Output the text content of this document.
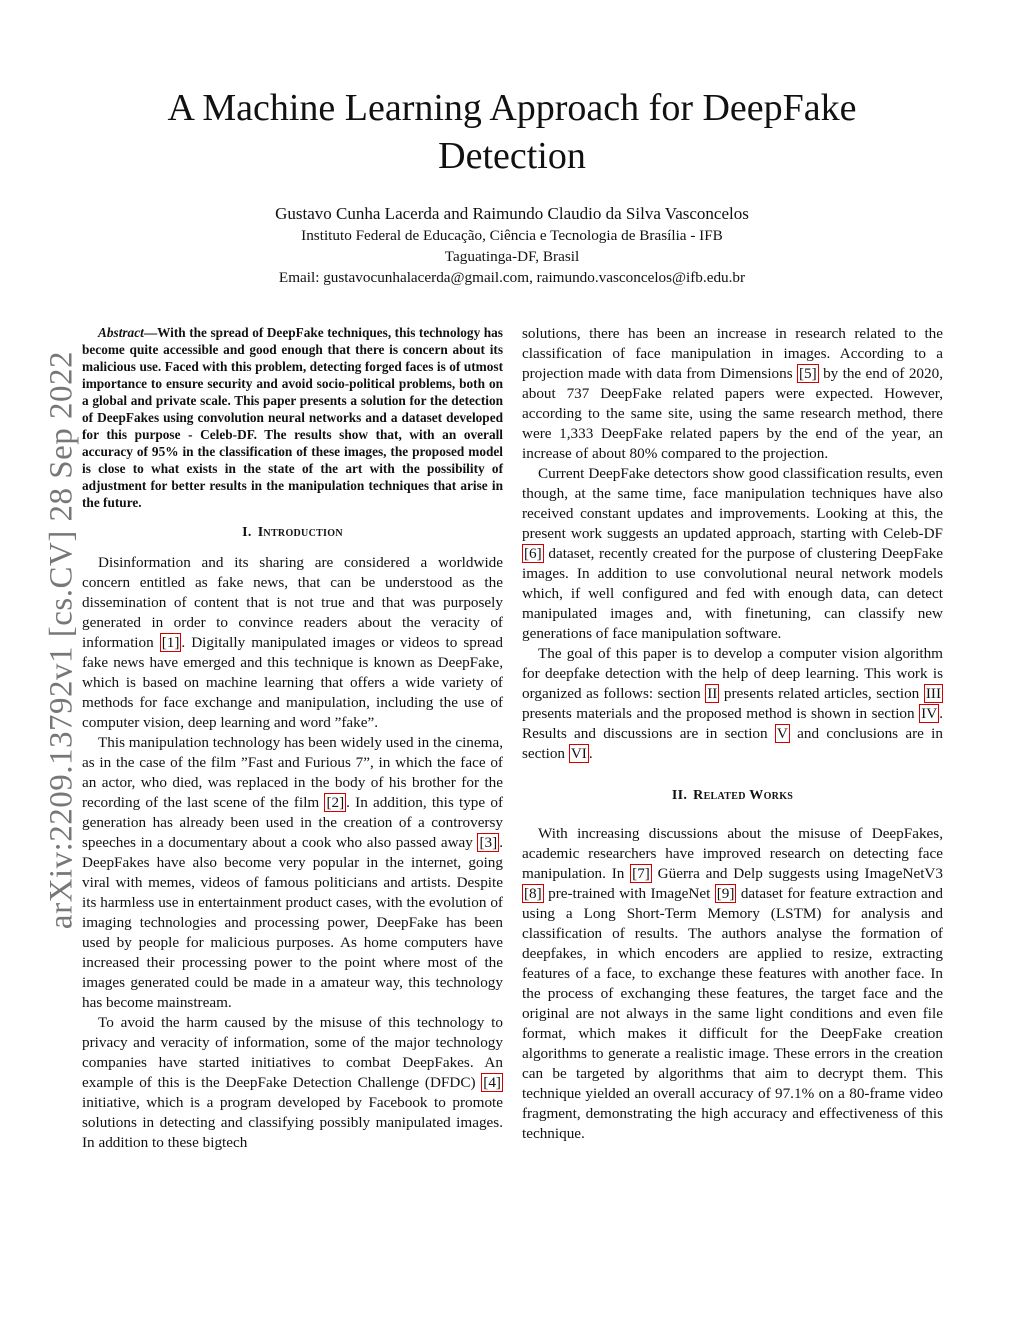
arXiv:2209.13792v1 [cs.CV] 28 Sep 2022
A Machine Learning Approach for DeepFake
Detection
Gustavo Cunha Lacerda and Raimundo Claudio da Silva Vasconcelos
Instituto Federal de Educação, Ciência e Tecnologia de Brasília - IFB
Taguatinga-DF, Brasil
Email: gustavocunhalacerda@gmail.com, raimundo.vasconcelos@ifb.edu.br

Abstract—With the spread of DeepFake techniques, this technology has become quite accessible and good enough that there is concern about its malicious use. Faced with this problem, detecting forged faces is of utmost importance to ensure security and avoid socio-political problems, both on a global and private scale. This paper presents a solution for the detection of DeepFakes using convolution neural networks and a dataset developed for this purpose - Celeb-DF. The results show that, with an overall accuracy of 95% in the classification of these images, the proposed model is close to what exists in the state of the art with the possibility of adjustment for better results in the manipulation techniques that arise in the future.

I. Introduction

Disinformation and its sharing are considered a worldwide concern entitled as fake news, that can be understood as the dissemination of content that is not true and that was purposely generated in order to convince readers about the veracity of information [1] . Digitally manipulated images or videos to spread fake news have emerged and this technique is known as DeepFake, which is based on machine learning that offers a wide variety of methods for face exchange and manipulation, including the use of computer vision, deep learning and word ”fake”.

This manipulation technology has been widely used in the cinema, as in the case of the film ”Fast and Furious 7”, in which the face of an actor, who died, was replaced in the body of his brother for the recording of the last scene of the film [2] . In addition, this type of generation has already been used in the creation of a controversy speeches in a documentary about a cook who also passed away [3] . DeepFakes have also become very popular in the internet, going viral with memes, videos of famous politicians and artists. Despite its harmless use in entertainment product cases, with the evolution of imaging technologies and processing power, DeepFake has been used by people for malicious purposes. As home computers have increased their processing power to the point where most of the images generated could be made in a amateur way, this technology has become mainstream.

To avoid the harm caused by the misuse of this technology to privacy and veracity of information, some of the major technology companies have started initiatives to combat DeepFakes. An example of this is the DeepFake Detection Challenge (DFDC) [4] initiative, which is a program developed by Facebook to promote solutions in detecting and classifying possibly manipulated images. In addition to these bigtech

solutions, there has been an increase in research related to the classification of face manipulation in images. According to a projection made with data from Dimensions [5] by the end of 2020, about 737 DeepFake related papers were expected. However, according to the same site, using the same research method, there were 1,333 DeepFake related papers by the end of the year, an increase of about 80% compared to the projection.

Current DeepFake detectors show good classification results, even though, at the same time, face manipulation techniques have also received constant updates and improvements. Looking at this, the present work suggests an updated approach, starting with Celeb-DF [6] dataset, recently created for the purpose of clustering DeepFake images. In addition to use convolutional neural network models which, if well configured and fed with enough data, can detect manipulated images and, with finetuning, can classify new generations of face manipulation software.

The goal of this paper is to develop a computer vision algorithm for deepfake detection with the help of deep learning. This work is organized as follows: section II presents related articles, section III presents materials and the proposed method is shown in section IV . Results and discussions are in section V and conclusions are in section VI .

II. Related Works

With increasing discussions about the misuse of DeepFakes, academic researchers have improved research on detecting face manipulation. In [7] Güerra and Delp suggests using ImageNetV3 [8] pre-trained with ImageNet [9] dataset for feature extraction and using a Long Short-Term Memory (LSTM) for analysis and classification of results. The authors analyse the formation of deepfakes, in which encoders are applied to resize, extracting features of a face, to exchange these features with another face. In the process of exchanging these features, the target face and the original are not always in the same light conditions and even file format, which makes it difficult for the DeepFake creation algorithms to generate a realistic image. These errors in the creation can be targeted by algorithms that aim to decrypt them. This technique yielded an overall accuracy of 97.1% on a 80-frame video fragment, demonstrating the high accuracy and effectiveness of this technique.
